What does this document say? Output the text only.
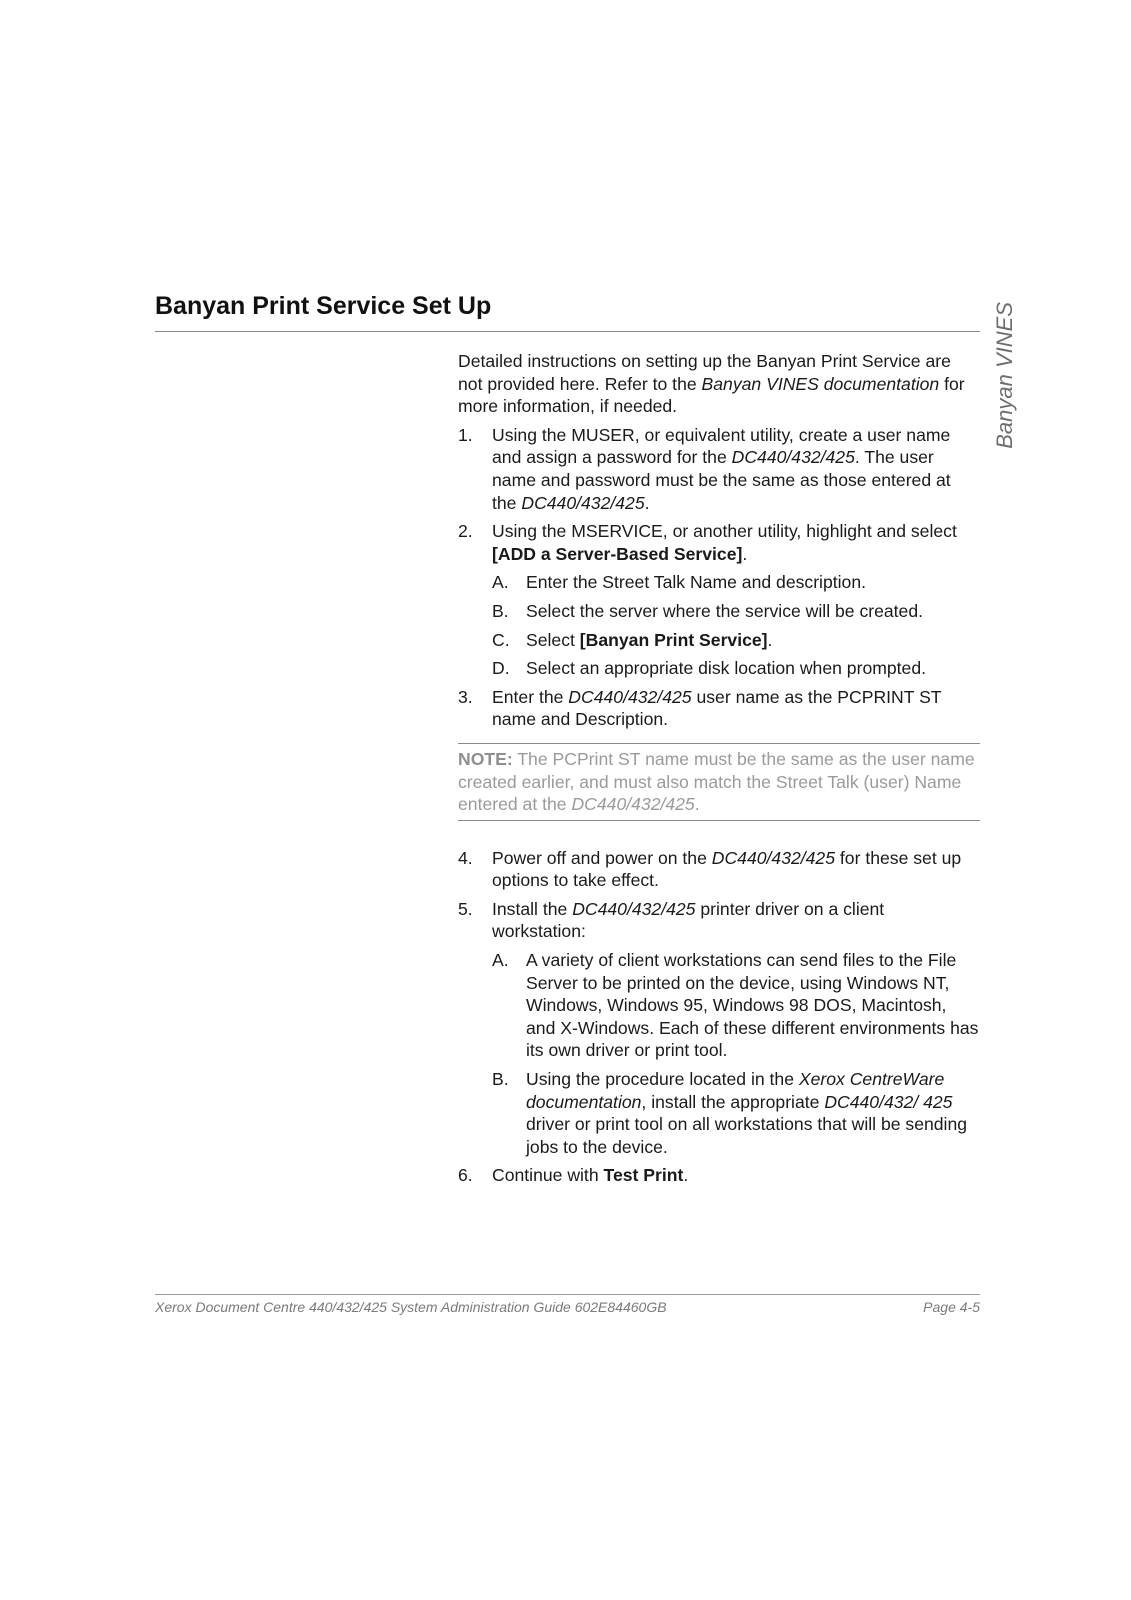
Banyan Print Service Set Up	Banyan VINES

Detailed instructions on setting up the Banyan Print Service are not provided here. Refer to the Banyan VINES documentation for more information, if needed.

1. Using the MUSER, or equivalent utility, create a user name and assign a password for the DC440/432/425. The user name and password must be the same as those entered at the DC440/432/425.
2. Using the MSERVICE, or another utility, highlight and select [ADD a Server-Based Service].
A. Enter the Street Talk Name and description.
B. Select the server where the service will be created.
C. Select [Banyan Print Service].
D. Select an appropriate disk location when prompted.
3. Enter the DC440/432/425 user name as the PCPRINT ST name and Description.
NOTE: The PCPrint ST name must be the same as the user name created earlier, and must also match the Street Talk (user) Name entered at the DC440/432/425.
4. Power off and power on the DC440/432/425 for these set up options to take effect.
5. Install the DC440/432/425 printer driver on a client workstation:
A. A variety of client workstations can send files to the File Server to be printed on the device, using Windows NT, Windows, Windows 95, Windows 98 DOS, Macintosh, and X-Windows. Each of these different environments has its own driver or print tool.
B. Using the procedure located in the Xerox CentreWare documentation, install the appropriate DC440/432/ 425 driver or print tool on all workstations that will be sending jobs to the device.
6. Continue with Test Print.
Xerox Document Centre 440/432/425 System Administration Guide 602E84460GB	Page 4-5
